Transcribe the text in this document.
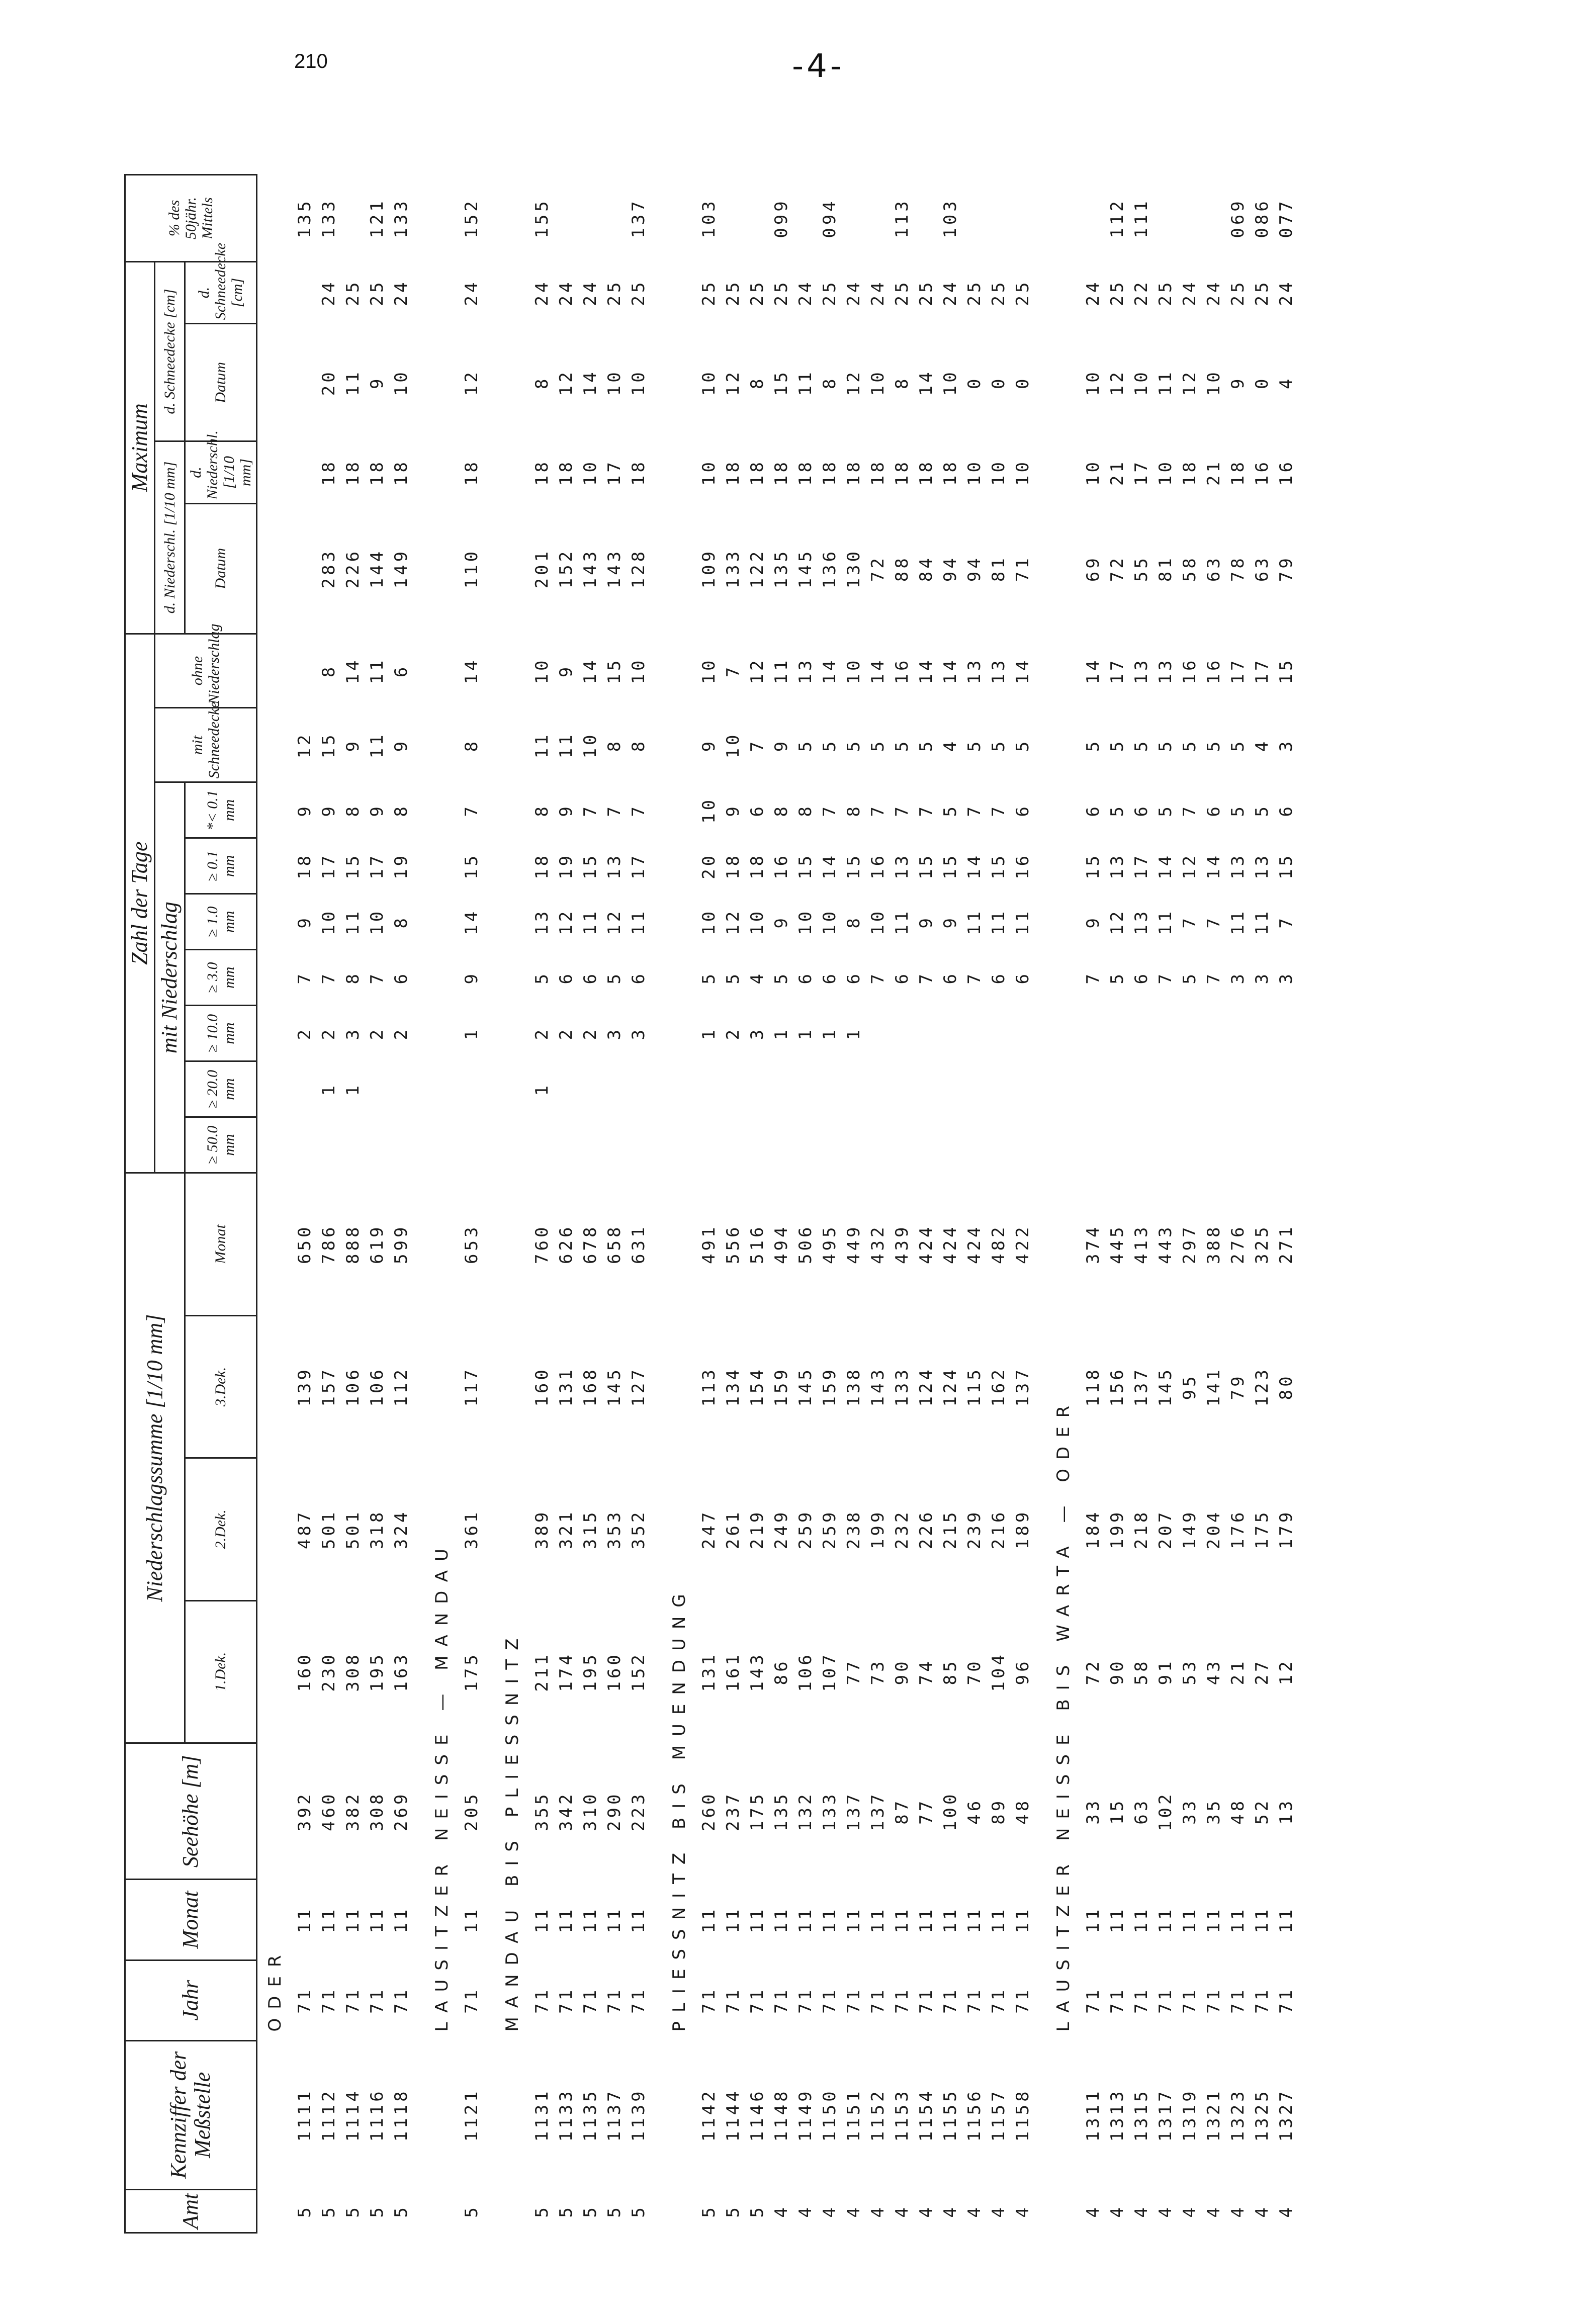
210	-4-
Amt	Kennziffer der Meßstelle	Jahr	Monat	Seehöhe [m]	Niederschlagssumme [1/10 mm]				Zahl der Tage									Maximum				% des 50jähr. Mittels
									mit Niederschlag							mit Schneedecke	ohne Niederschlag	d. Niederschl. [1/10 mm]		d. Schneedecke [cm]		
					1.Dek.	2.Dek.	3.Dek.	Monat	≥ 50.0 mm	≥ 20.0 mm	≥ 10.0 mm	≥ 3.0 mm	≥ 1.0 mm	≥ 0.1 mm	*< 0.1 mm			Datum	d. Niederschl. [1/10 mm]	Datum	d. Schneedecke [cm]	
ODER																						
5	1111	71	11	392	160	487	139	650			2	7	9	18	9	12						135
5	1112	71	11	460	230	501	157	786		1	2	7	10	17	9	15	8	283	18	20	24	133
5	1114	71	11	382	308	501	106	888		1	3	8	11	15	8	9	14	226	18	11	25	
5	1116	71	11	308	195	318	106	619			2	7	10	17	9	11	11	144	18	9	25	121
5	1118	71	11	269	163	324	112	599			2	6	8	19	8	9	6	149	18	10	24	133

LAUSITZER NEISSE — MANDAU																						
5	1121	71	11	205	175	361	117	653			1	9	14	15	7	8	14	110	18	12	24	152

MANDAU BIS PLIESSNITZ																						
5	1131	71	11	355	211	389	160	760		1	2	5	13	18	8	11	10	201	18	8	24	155
5	1133	71	11	342	174	321	131	626			2	6	12	19	9	11	9	152	18	12	24	
5	1135	71	11	310	195	315	168	678			2	6	11	15	7	10	14	143	10	14	24	
5	1137	71	11	290	160	353	145	658			3	5	12	13	7	8	15	143	17	10	25	
5	1139	71	11	223	152	352	127	631			3	6	11	17	7	8	10	128	18	10	25	137

PLIESSNITZ BIS MUENDUNG																						
5	1142	71	11	260	131	247	113	491			1	5	10	20	10	9	10	109	10	10	25	103
5	1144	71	11	237	161	261	134	556			2	5	12	18	9	10	7	133	18	12	25	
5	1146	71	11	175	143	219	154	516			3	4	10	18	6	7	12	122	18	8	25	
4	1148	71	11	135	86	249	159	494			1	5	9	16	8	9	11	135	18	15	25	099
4	1149	71	11	132	106	259	145	506			1	6	10	15	8	5	13	145	18	11	24	
4	1150	71	11	133	107	259	159	495			1	6	10	14	7	5	14	136	18	8	25	094
4	1151	71	11	137	77	238	138	449			1	6	8	15	8	5	10	130	18	12	24	
4	1152	71	11	137	73	199	143	432				7	10	16	7	5	14	72	18	10	24	
4	1153	71	11	87	90	232	133	439				6	11	13	7	5	16	88	18	8	25	113
4	1154	71	11	77	74	226	124	424				7	9	15	7	5	14	84	18	14	25	
4	1155	71	11	100	85	215	124	424				6	9	15	5	4	14	94	18	10	24	103
4	1156	71	11	46	70	239	115	424				7	11	14	7	5	13	94	10	0	25	
4	1157	71	11	89	104	216	162	482				6	11	15	7	5	13	81	10	0	25	
4	1158	71	11	48	96	189	137	422				6	11	16	6	5	14	71	10	0	25	

LAUSITZER NEISSE BIS WARTA — ODER																						
4	1311	71	11	33	72	184	118	374				7	9	15	6	5	14	69	10	10	24	
4	1313	71	11	15	90	199	156	445				5	12	13	5	5	17	72	21	12	25	112
4	1315	71	11	63	58	218	137	413				6	13	17	6	5	13	55	17	10	22	111
4	1317	71	11	102	91	207	145	443				7	11	14	5	5	13	81	10	11	25	
4	1319	71	11	33	53	149	95	297				5	7	12	7	5	16	58	18	12	24	
4	1321	71	11	35	43	204	141	388				7	7	14	6	5	16	63	21	10	24	
4	1323	71	11	48	21	176	79	276				3	11	13	5	5	17	78	18	9	25	069
4	1325	71	11	52	27	175	123	325				3	11	13	5	4	17	63	16	0	25	086
4	1327	71	11	13	12	179	80	271				3	7	15	6	3	15	79	16	4	24	077
